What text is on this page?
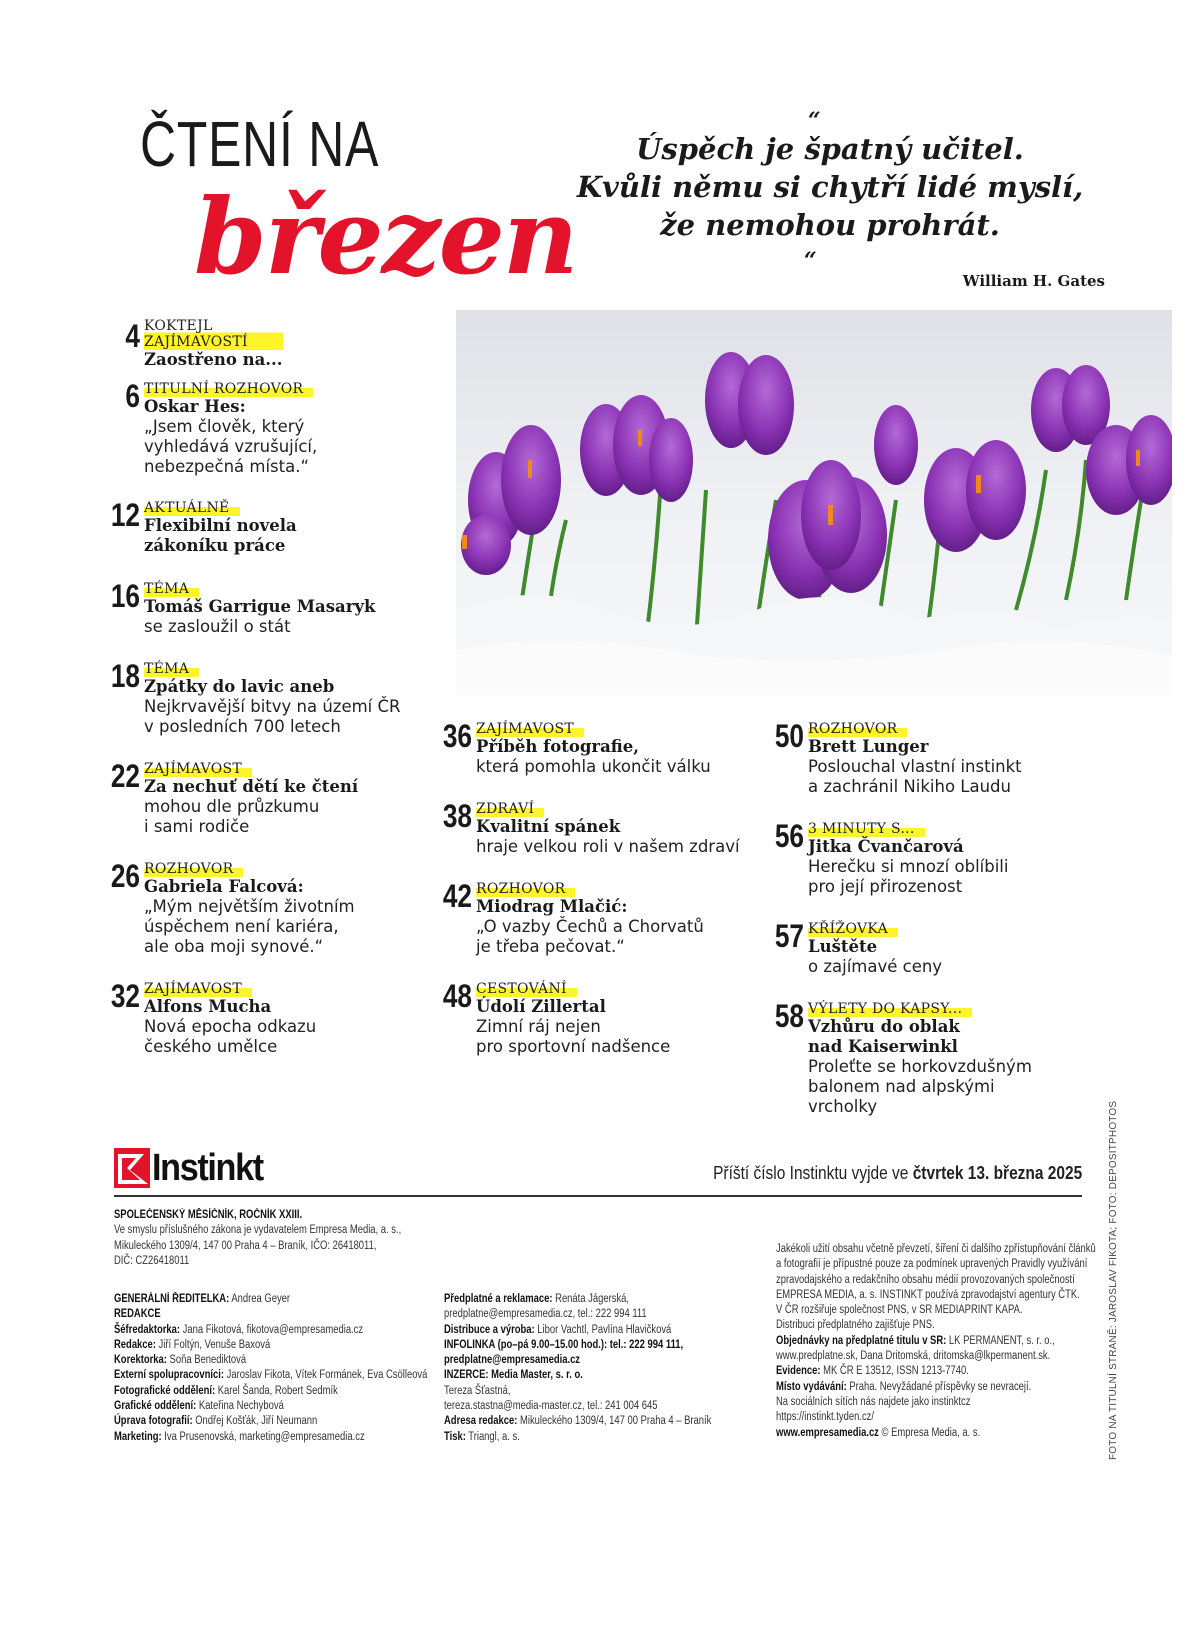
ČTENÍ NA
březen
“
Úspěch je špatný učitel.
Kvůli němu si chytří lidé myslí,
že nemohou prohrát.
“
William H. Gates
4 KOKTEJL ZAJÍMAVOSTÍ
Zaostřeno na...
6 TITULNÍ ROZHOVOR
Oskar Hes:
„Jsem člověk, který
vyhledává vzrušující,
nebezpečná místa.“
12 AKTUÁLNĚ
Flexibilní novela
zákoníku práce
16 TÉMA
Tomáš Garrigue Masaryk
se zasloužil o stát
18 TÉMA
Zpátky do lavic aneb
Nejkrvavější bitvy na území ČR
v posledních 700 letech
22 ZAJÍMAVOST
Za nechuť dětí ke čtení
mohou dle průzkumu
i sami rodiče
26 ROZHOVOR
Gabriela Falcová:
„Mým největším životním
úspěchem není kariéra,
ale oba moji synové.“
32 ZAJÍMAVOST
Alfons Mucha
Nová epocha odkazu
českého umělce
36 ZAJÍMAVOST
Příběh fotografie,
která pomohla ukončit válku
38 ZDRAVÍ
Kvalitní spánek
hraje velkou roli v našem zdraví
42 ROZHOVOR
Miodrag Mlačić:
„O vazby Čechů a Chorvatů
je třeba pečovat.“
48 CESTOVÁNÍ
Údolí Zillertal
Zimní ráj nejen
pro sportovní nadšence
50 ROZHOVOR
Brett Lunger
Poslouchal vlastní instinkt
a zachránil Nikiho Laudu
56 3 MINUTY S...
Jitka Čvančarová
Herečku si mnozí oblíbili
pro její přirozenost
57 KŘÍŽOVKA
Luštěte
o zajímavé ceny
58 VÝLETY DO KAPSY...
Vzhůru do oblak
nad Kaiserwinkl
Proleťte se horkovzdušným
balonem nad alpskými
vrcholky
Instinkt	Příští číslo Instinktu vyjde ve čtvrtek 13. března 2025
SPOLEČENSKÝ MĚSÍČNÍK, ROČNÍK XXIII.
Ve smyslu příslušného zákona je vydavatelem Empresa Media, a. s.,
Mikuleckého 1309/4, 147 00 Praha 4 – Braník, IČO: 26418011,
DIČ: CZ26418011
GENERÁLNÍ ŘEDITELKA: Andrea Geyer
REDAKCE
Šéfredaktorka: Jana Fikotová, fikotova@empresamedia.cz
Redakce: Jiří Foltýn, Venuše Baxová
Korektorka: Soňa Benediktová
Externí spolupracovníci: Jaroslav Fikota, Vítek Formánek, Eva Csölleová
Fotografické oddělení: Karel Šanda, Robert Sedmík
Grafické oddělení: Kateřina Nechybová
Úprava fotografií: Ondřej Košťák, Jiří Neumann
Marketing: Iva Prusenovská, marketing@empresamedia.cz
Předplatné a reklamace: Renáta Jágerská,
predplatne@empresamedia.cz, tel.: 222 994 111
Distribuce a výroba: Libor Vachtl, Pavlína Hlavičková
INFOLINKA (po–pá 9.00–15.00 hod.): tel.: 222 994 111,
predplatne@empresamedia.cz
INZERCE: Media Master, s. r. o.
Tereza Šťastná,
tereza.stastna@media-master.cz, tel.: 241 004 645
Adresa redakce: Mikuleckého 1309/4, 147 00 Praha 4 – Braník
Tisk: Triangl, a. s.
Jakékoli užití obsahu včetně převzetí, šíření či dalšího zpřístupňování článků
a fotografií je přípustné pouze za podmínek upravených Pravidly využívání
zpravodajského a redakčního obsahu médií provozovaných společností
EMPRESA MEDIA, a. s. INSTINKT používá zpravodajství agentury ČTK.
V ČR rozšiřuje společnost PNS, v SR MEDIAPRINT KAPA.
Distribuci předplatného zajišťuje PNS.
Objednávky na předplatné titulu v SR: LK PERMANENT, s. r. o.,
www.predplatne.sk, Dana Dritomská, dritomska@lkpermanent.sk.
Evidence: MK ČR E 13512, ISSN 1213-7740.
Místo vydávání: Praha. Nevyžádané příspěvky se nevracejí.
Na sociálních sítích nás najdete jako instinktcz
https://instinkt.tyden.cz/
www.empresamedia.cz © Empresa Media, a. s.	FOTO NA TITULNÍ STRANĚ: JAROSLAV FIKOTA; FOTO: DEPOSITPHOTOS
